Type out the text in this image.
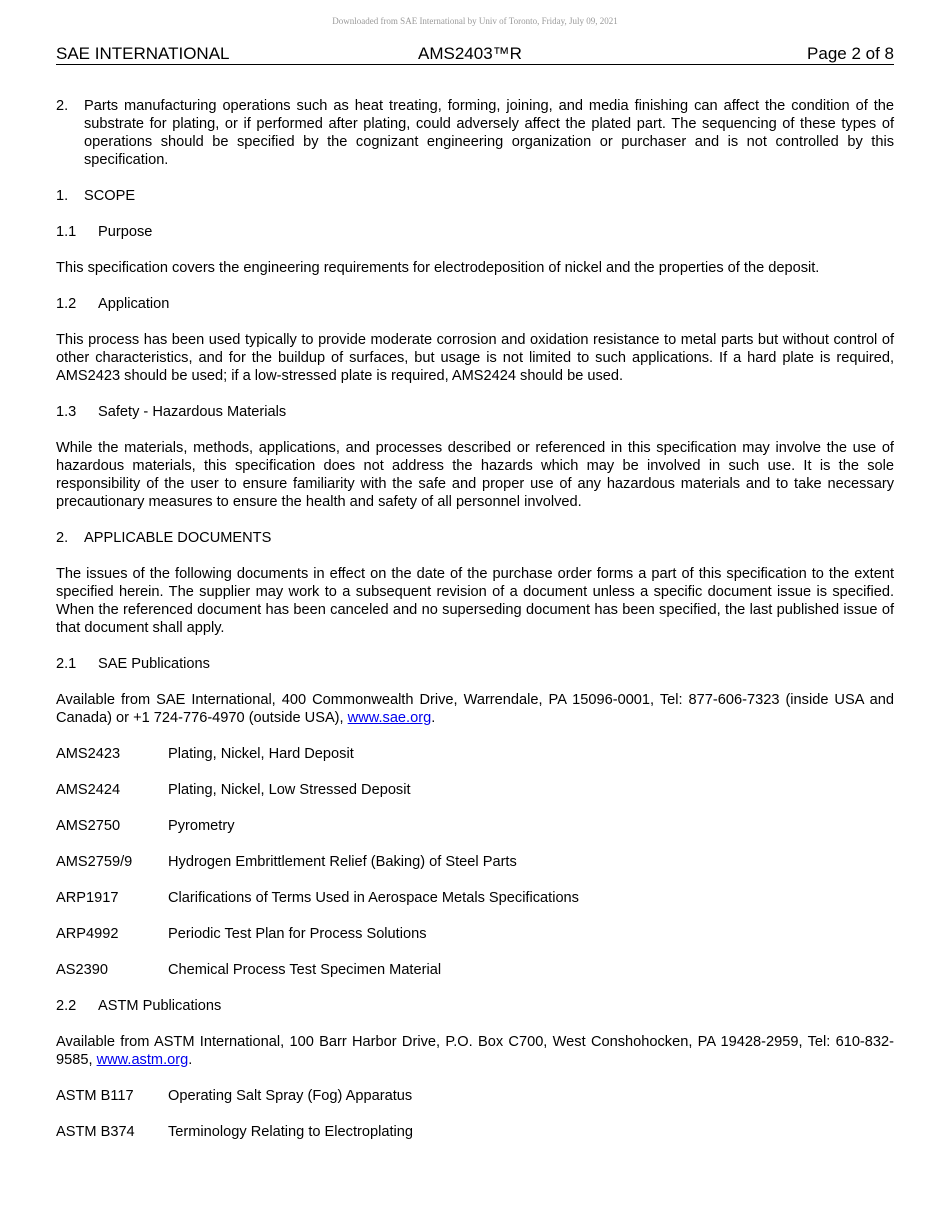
Downloaded from SAE International by Univ of Toronto, Friday, July 09, 2021
SAE INTERNATIONAL	AMS2403™R	Page 2 of 8
2.	Parts manufacturing operations such as heat treating, forming, joining, and media finishing can affect the condition of the substrate for plating, or if performed after plating, could adversely affect the plated part. The sequencing of these types of operations should be specified by the cognizant engineering organization or purchaser and is not controlled by this specification.
1.	SCOPE
1.1	Purpose

This specification covers the engineering requirements for electrodeposition of nickel and the properties of the deposit.

1.2	Application

This process has been used typically to provide moderate corrosion and oxidation resistance to metal parts but without control of other characteristics, and for the buildup of surfaces, but usage is not limited to such applications. If a hard plate is required, AMS2423 should be used; if a low-stressed plate is required, AMS2424 should be used.

1.3	Safety - Hazardous Materials

While the materials, methods, applications, and processes described or referenced in this specification may involve the use of hazardous materials, this specification does not address the hazards which may be involved in such use. It is the sole responsibility of the user to ensure familiarity with the safe and proper use of any hazardous materials and to take necessary precautionary measures to ensure the health and safety of all personnel involved.

2.	APPLICABLE DOCUMENTS

The issues of the following documents in effect on the date of the purchase order forms a part of this specification to the extent specified herein. The supplier may work to a subsequent revision of a document unless a specific document issue is specified. When the referenced document has been canceled and no superseding document has been specified, the last published issue of that document shall apply.

2.1	SAE Publications

Available from SAE International, 400 Commonwealth Drive, Warrendale, PA 15096-0001, Tel: 877-606-7323 (inside USA and Canada) or +1 724-776-4970 (outside USA), www.sae.org.

AMS2423	Plating, Nickel, Hard Deposit
AMS2424	Plating, Nickel, Low Stressed Deposit
AMS2750	Pyrometry
AMS2759/9	Hydrogen Embrittlement Relief (Baking) of Steel Parts
ARP1917	Clarifications of Terms Used in Aerospace Metals Specifications
ARP4992	Periodic Test Plan for Process Solutions
AS2390	Chemical Process Test Specimen Material
2.2	ASTM Publications

Available from ASTM International, 100 Barr Harbor Drive, P.O. Box C700, West Conshohocken, PA 19428-2959, Tel: 610-832-9585, www.astm.org.

ASTM B117	Operating Salt Spray (Fog) Apparatus
ASTM B374	Terminology Relating to Electroplating
